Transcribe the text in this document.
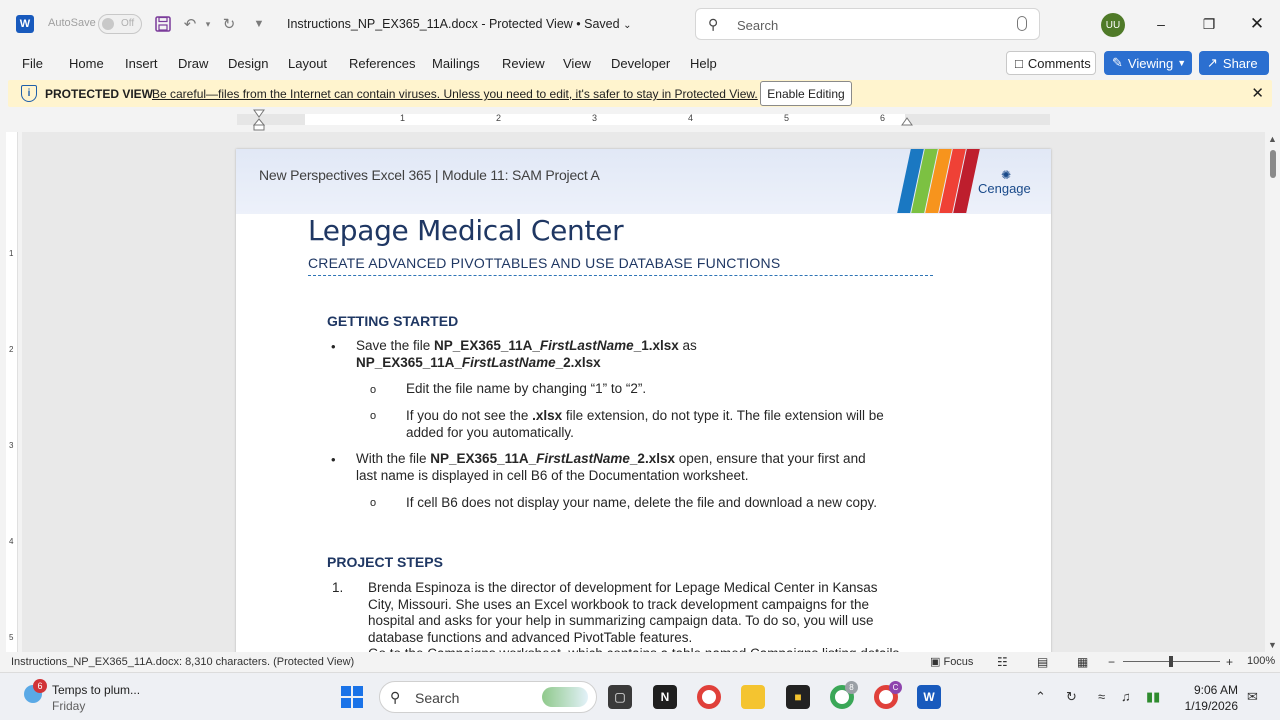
W	AutoSave	Off	↶	▾ ↻	▼	Instructions_NP_EX365_11A.docx - Protected View • Saved ⌄	⚲ Search	UU	–	❐	✕
File Home Insert Draw Design Layout References Mailings Review View Developer Help	□ Comments ✎ Viewing ▼ ↗ Share
i	PROTECTED VIEW
Be careful—files from the Internet can contain viruses. Unless you need to edit, it's safer to stay in Protected View. Enable Editing	✕
1	2	3	4	5	6
1
2
3
4
5
New Perspectives Excel 365 | Module 11: SAM Project A	✺
Cengage
Lepage Medical Center
CREATE ADVANCED PIVOTTABLES AND USE DATABASE FUNCTIONS
GETTING STARTED
• Save the file NP_EX365_11A_FirstLastName_1.xlsx as
NP_EX365_11A_FirstLastName_2.xlsx
o Edit the file name by changing “1” to “2”.
o If you do not see the .xlsx file extension, do not type it. The file extension will be
added for you automatically.
• With the file NP_EX365_11A_FirstLastName_2.xlsx open, ensure that your first and
last name is displayed in cell B6 of the Documentation worksheet.
o If cell B6 does not display your name, delete the file and download a new copy.
PROJECT STEPS
1. Brenda Espinoza is the director of development for Lepage Medical Center in Kansas
City, Missouri. She uses an Excel workbook to track development campaigns for the
hospital and asks for your help in summarizing campaign data. To do so, you will use
database functions and advanced PivotTable features.

▲
▼
Instructions_NP_EX365_11A.docx: 8,310 characters. (Protected View)	▣ Focus ☷ ▤ ▦ −	+ 100%
6 Temps to plum...
Friday
⚲ Search	▢	N	■
8	C
W	⌃ ↻ ≈ ♫ ▮▮	9:06 AM
1/19/2026
✉
